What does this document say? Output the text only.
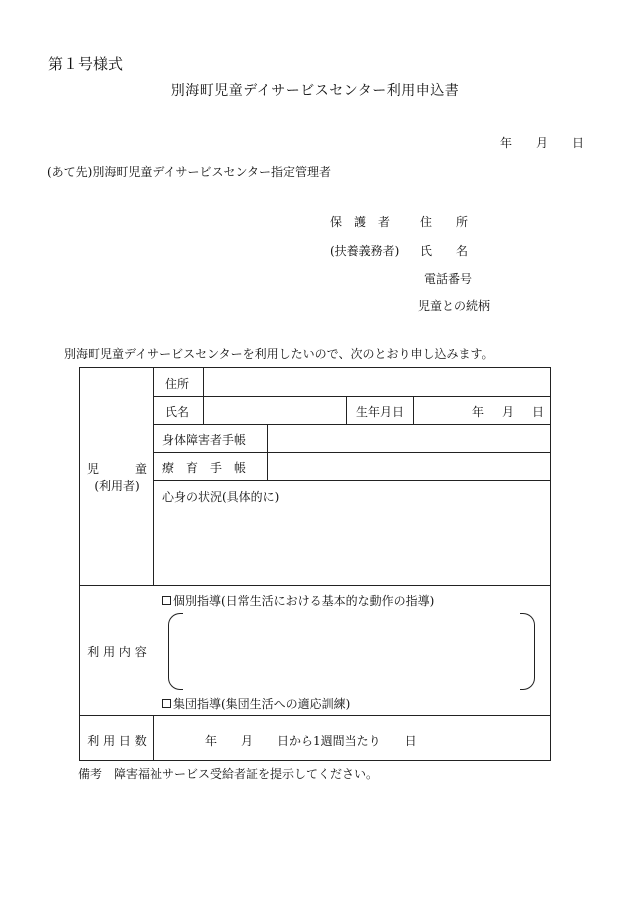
第１号様式
別海町児童デイサービスセンター利用申込書
年 月 日
(あて先)別海町児童デイサービスセンター指定管理者
保　護　者 住　　所
(扶養義務者) 氏　　名
電話番号
児童との続柄
別海町児童デイサービスセンターを利用したいので、次のとおり申し込みます。
児　　　童
(利用者)
住所
氏名	生年月日	年 月 日
身体障害者手帳
療　育　手　帳
心身の状況(具体的に)
利 用 内 容
個別指導(日常生活における基本的な動作の指導)
集団指導(集団生活への適応訓練)
利 用 日 数	年　　月　　日から1週間当たり　　日
備考　障害福祉サービス受給者証を提示してください。
